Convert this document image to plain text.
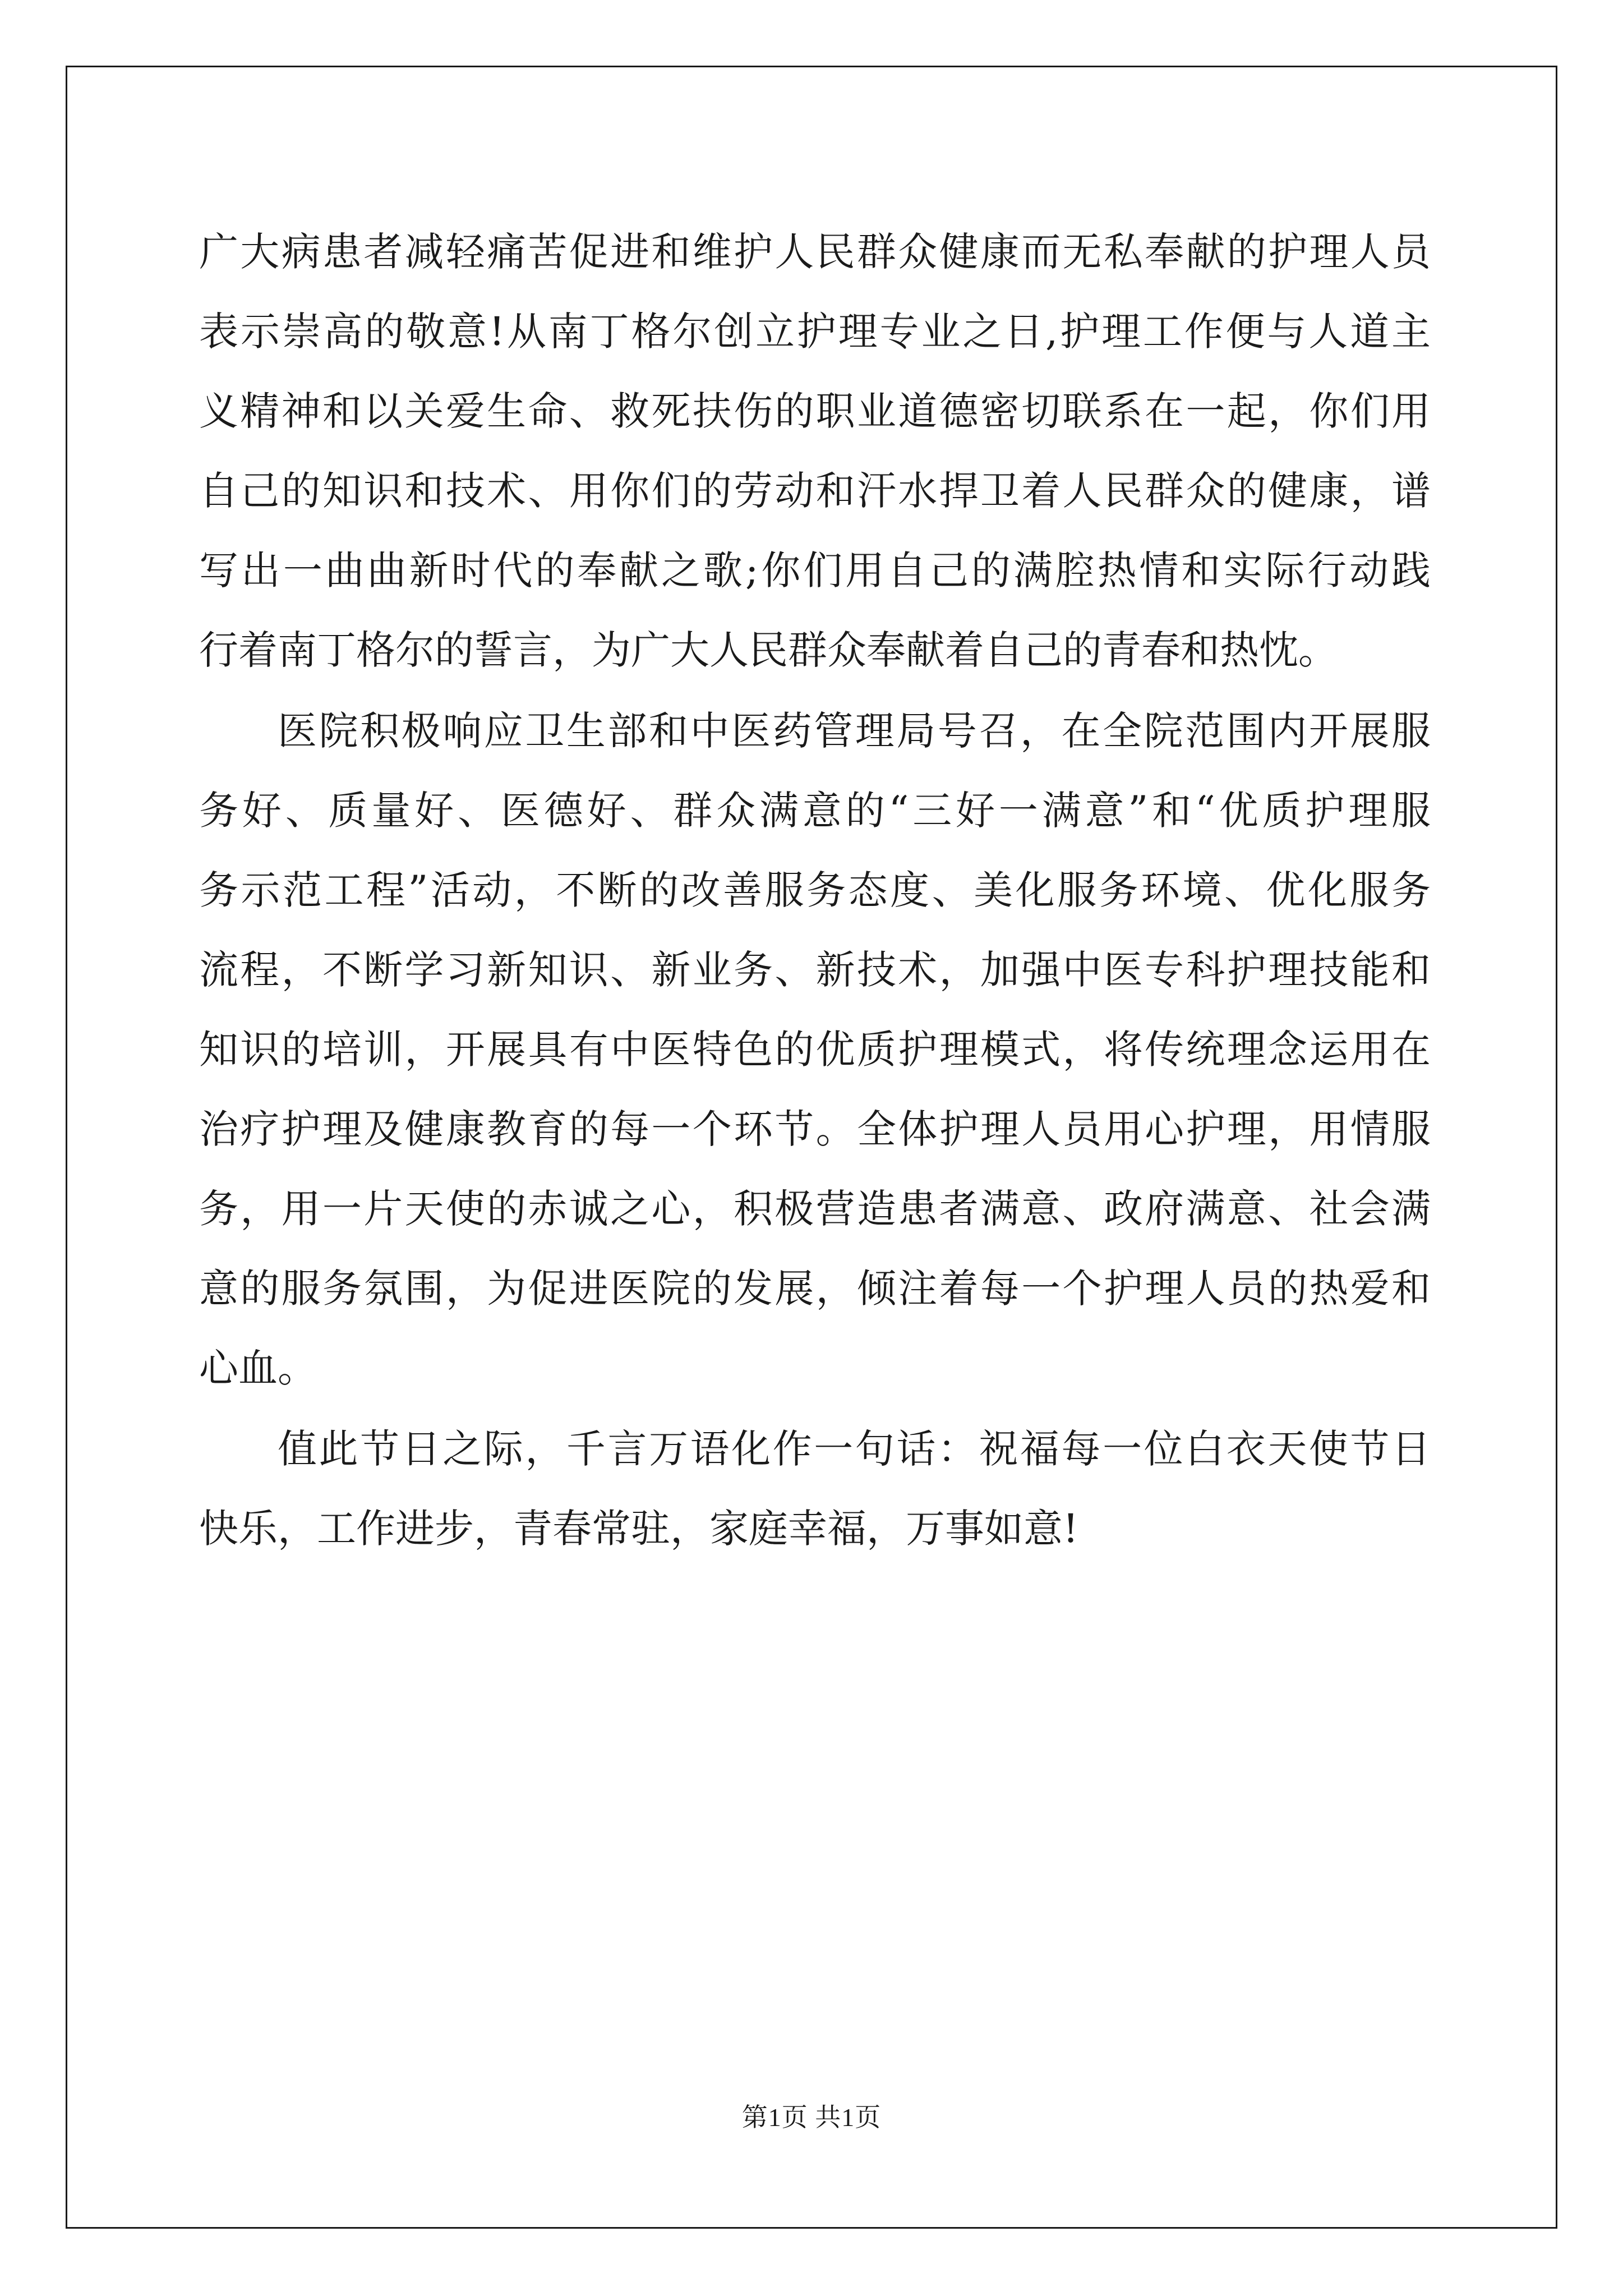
广大病患者减轻痛苦促进和维护人民群众健康而无私奉献的护理人员
表示崇高的敬意!从南丁格尔创立护理专业之日,护理工作便与人道主
义精神和以关爱生命、救死扶伤的职业道德密切联系在一起，你们用
自己的知识和技术、用你们的劳动和汗水捍卫着人民群众的健康，谱
写出一曲曲新时代的奉献之歌;你们用自己的满腔热情和实际行动践
行着南丁格尔的誓言，为广大人民群众奉献着自己的青春和热忱。
医院积极响应卫生部和中医药管理局号召，在全院范围内开展服
务好、质量好、医德好、群众满意的“三好一满意”和“优质护理服
务示范工程”活动，不断的改善服务态度、美化服务环境、优化服务
流程，不断学习新知识、新业务、新技术，加强中医专科护理技能和
知识的培训，开展具有中医特色的优质护理模式，将传统理念运用在
治疗护理及健康教育的每一个环节。全体护理人员用心护理，用情服
务，用一片天使的赤诚之心，积极营造患者满意、政府满意、社会满
意的服务氛围，为促进医院的发展，倾注着每一个护理人员的热爱和
心血。
值此节日之际，千言万语化作一句话：祝福每一位白衣天使节日
快乐，工作进步，青春常驻，家庭幸福，万事如意!
第1页 共1页
